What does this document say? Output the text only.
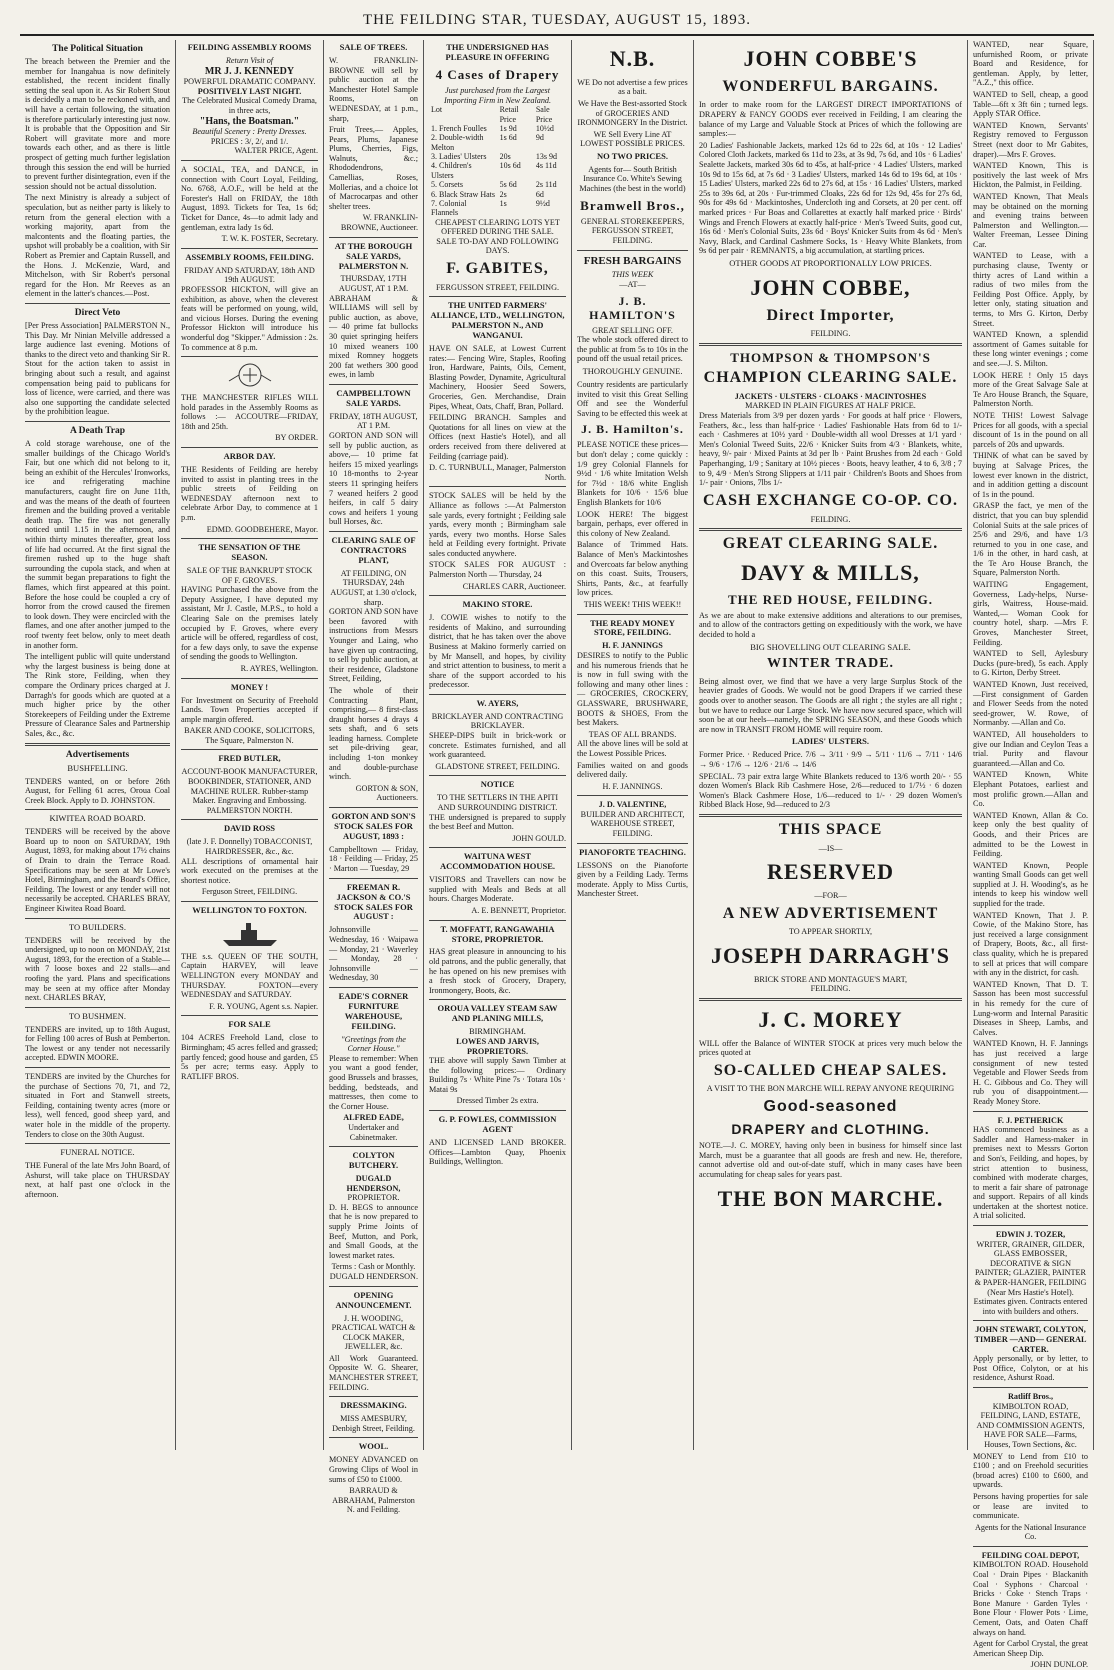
THE FEILDING STAR, TUESDAY, AUGUST 15, 1893.
The Political Situation

The breach between the Premier and the member for Inangahua is now definitely established, the recent incident finally setting the seal upon it. As Sir Robert Stout is decidedly a man to be reckoned with, and will have a certain following, the situation is therefore particularly interesting just now. It is probable that the Opposition and Sir Robert will gravitate more and more towards each other, and as there is little prospect of getting much further legislation through this session the end will be hurried to prevent further disintegration, even if the session should not be actual dissolution.

The next Ministry is already a subject of speculation, but as neither party is likely to return from the general election with a working majority, apart from the malcontents and the floating parties, the upshot will probably be a coalition, with Sir Robert as Premier and Captain Russell, and the Hons. J. McKenzie, Ward, and Mitchelson, with Sir Robert's personal regard for the Hon. Mr Reeves as an element in the latter's chances.—Post.

Direct Veto

[Per Press Association] PALMERSTON N., This Day. Mr Ninian Melville addressed a large audience last evening. Motions of thanks to the direct veto and thanking Sir R. Stout for the action taken to assist in bringing about such a result, and against compensation being paid to publicans for loss of licence, were carried, and there was also one supporting the candidate selected by the prohibition league.

A Death Trap

A cold storage warehouse, one of the smaller buildings of the Chicago World's Fair, but one which did not belong to it, being an exhibit of the Hercules' Ironworks, ice and refrigerating machine manufacturers, caught fire on June 11th, and was the means of the death of fourteen firemen and the building proved a veritable death trap. The fire was not generally noticed until 1.15 in the afternoon, and within thirty minutes thereafter, great loss of life had occurred. At the first signal the firemen rushed up to the huge shaft surrounding the cupola stack, and when at the summit began preparations to fight the flames, which first appeared at this point. Before the hose could be coupled a cry of horror from the crowd caused the firemen to look down. They were encircled with the flames, and one after another jumped to the roof twenty feet below, only to meet death in another form.

The intelligent public will quite understand why the largest business is being done at The Rink store, Feilding, when they compare the Ordinary prices charged at J. Darragh's for goods which are quoted at a much higher price by the other Storekeepers of Feilding under the Extreme Pressure of Clearance Sales and Partnership Sales, &c., &c.

Advertisements
BUSHFELLING.

TENDERS wanted, on or before 26th August, for Felling 61 acres, Oroua Coal Creek Block. Apply to D. JOHNSTON.

KIWITEA ROAD BOARD.

TENDERS will be received by the above Board up to noon on SATURDAY, 19th August, 1893, for making about 17½ chains of Drain to drain the Terrace Road. Specifications may be seen at Mr Lowe's Hotel, Birmingham, and the Board's Office, Feilding. The lowest or any tender will not necessarily be accepted. CHARLES BRAY, Engineer Kiwitea Road Board.

TO BUILDERS.

TENDERS will be received by the undersigned, up to noon on MONDAY, 21st August, 1893, for the erection of a Stable—with 7 loose boxes and 22 stalls—and roofing the yard. Plans and specifications may be seen at my office after Monday next. CHARLES BRAY,

TO BUSHMEN.

TENDERS are invited, up to 18th August, for Felling 100 acres of Bush at Pemberton. The lowest or any tender not necessarily accepted. EDWIN MOORE.

TENDERS are invited by the Churches for the purchase of Sections 70, 71, and 72, situated in Fort and Stanwell streets, Feilding, containing twenty acres (more or less), well fenced, good sheep yard, and water hole in the middle of the property. Tenders to close on the 30th August.

FUNERAL NOTICE.

THE Funeral of the late Mrs John Board, of Ashurst, will take place on THURSDAY next, at half past one o'clock in the afternoon.

FEILDING ASSEMBLY ROOMS
Return Visit of
MR J. J. KENNEDY
POWERFUL DRAMATIC COMPANY.
POSITIVELY LAST NIGHT.
The Celebrated Musical Comedy Drama, in three acts,
"Hans, the Boatsman."
Beautiful Scenery : Pretty Dresses.
PRICES : 3/, 2/, and 1/.
WALTER PRICE, Agent.

A SOCIAL, TEA, and DANCE, in connection with Court Loyal, Feilding, No. 6768, A.O.F., will be held at the Forester's Hall on FRIDAY, the 18th August, 1893. Tickets for Tea, 1s 6d; Ticket for Dance, 4s—to admit lady and gentleman, extra lady 1s 6d.

T. W. K. FOSTER, Secretary.
ASSEMBLY ROOMS, FEILDING.
FRIDAY AND SATURDAY, 18th AND 19th AUGUST.

PROFESSOR HICKTON, will give an exhibition, as above, when the cleverest feats will be performed on young, wild, and vicious Horses. During the evening Professor Hickton will introduce his wonderful dog "Skipper." Admission : 2s. To commence at 8 p.m.

THE MANCHESTER RIFLES WILL hold parades in the Assembly Rooms as follows :— ACCOUTRE—FRIDAY, 18th and 25th.

BY ORDER.
ARBOR DAY.

THE Residents of Feilding are hereby invited to assist in planting trees in the public streets of Feilding on WEDNESDAY afternoon next to celebrate Arbor Day, to commence at 1 p.m.

EDMD. GOODBEHERE, Mayor.
THE SENSATION OF THE SEASON.
SALE OF THE BANKRUPT STOCK OF F. GROVES.

HAVING Purchased the above from the Deputy Assignee, I have deputed my assistant, Mr J. Castle, M.P.S., to hold a Clearing Sale on the premises lately occupied by F. Groves, where every article will be offered, regardless of cost, for a few days only, to save the expense of sending the goods to Wellington.

R. AYRES, Wellington.
MONEY !

For Investment on Security of Freehold Lands. Town Properties accepted if ample margin offered.

BAKER AND COOKE, SOLICITORS, The Square, Palmerston N.
FRED BUTLER,

ACCOUNT-BOOK MANUFACTURER, BOOKBINDER, STATIONER, AND MACHINE RULER. Rubber-stamp Maker. Engraving and Embossing. PALMERSTON NORTH.

DAVID ROSS
(late J. F. Donnelly) TOBACCONIST, HAIRDRESSER, &c., &c.

ALL descriptions of ornamental hair work executed on the premises at the shortest notice.

Ferguson Street, FEILDING.
WELLINGTON TO FOXTON.

THE s.s. QUEEN OF THE SOUTH, Captain HARVEY, will leave WELLINGTON every MONDAY and THURSDAY. FOXTON—every WEDNESDAY and SATURDAY.

F. R. YOUNG, Agent s.s. Napier.
FOR SALE

104 ACRES Freehold Land, close to Birmingham; 45 acres felled and grassed; partly fenced; good house and garden, £5 5s per acre; terms easy. Apply to RATLIFF BROS.

SALE OF TREES.

W. FRANKLIN-BROWNE will sell by public auction at the Manchester Hotel Sample Rooms, on WEDNESDAY, at 1 p.m., sharp,

Fruit Trees,— Apples, Pears, Plums, Japanese Plums, Cherries, Figs, Walnuts, &c.; Rhododendrons, Camellias, Roses, Mollerias, and a choice lot of Macrocarpas and other shelter trees.

W. FRANKLIN-BROWNE, Auctioneer.
AT THE BOROUGH SALE YARDS, PALMERSTON N.
THURSDAY, 17TH AUGUST, AT 1 P.M.

ABRAHAM & WILLIAMS will sell by public auction, as above,— 40 prime fat bullocks 30 quiet springing heifers 10 mixed weaners 100 mixed Romney hoggets 200 fat wethers 300 good ewes, in lamb

CAMPBELLTOWN SALE YARDS.
FRIDAY, 18TH AUGUST, AT 1 P.M.

GORTON AND SON will sell by public auction, as above,— 10 prime fat heifers 15 mixed yearlings 10 18-months to 2-year steers 11 springing heifers 7 weaned heifers 2 good heifers, in calf 5 dairy cows and heifers 1 young bull Horses, &c.

CLEARING SALE OF CONTRACTORS PLANT,
AT FEILDING, ON THURSDAY, 24th AUGUST, at 1.30 o'clock, sharp.

GORTON AND SON have been favored with instructions from Messrs Younger and Laing, who have given up contracting, to sell by public auction, at their residence, Gladstone Street, Feilding,

The whole of their Contracting Plant, comprising,— 8 first-class draught horses 4 drays 4 sets shaft, and 6 sets leading harness. Complete set pile-driving gear, including 1-ton monkey and double-purchase winch.

GORTON & SON, Auctioneers.
GORTON AND SON'S STOCK SALES FOR AUGUST, 1893 :

Campbelltown — Friday, 18 · Feilding — Friday, 25 · Marton — Tuesday, 29

FREEMAN R. JACKSON & CO.'S STOCK SALES FOR AUGUST :

Johnsonville — Wednesday, 16 · Waipawa — Monday, 21 · Waverley — Monday, 28 · Johnsonville — Wednesday, 30

EADE'S CORNER FURNITURE WAREHOUSE, FEILDING.
"Greetings from the Corner House."

Please to remember: When you want a good fender, good Brussels and brasses, bedding, bedsteads, and mattresses, then come to the Corner House.

ALFRED EADE,
Undertaker and Cabinetmaker.
COLYTON BUTCHERY.
DUGALD HENDERSON,
PROPRIETOR.

D. H. BEGS to announce that he is now prepared to supply Prime Joints of Beef, Mutton, and Pork, and Small Goods, at the lowest market rates.

Terms : Cash or Monthly.
DUGALD HENDERSON.
OPENING ANNOUNCEMENT.

J. H. WOODING, PRACTICAL WATCH & CLOCK MAKER, JEWELLER, &c.

All Work Guaranteed. Opposite W. G. Shearer, MANCHESTER STREET, FEILDING.

DRESSMAKING.

MISS AMESBURY, Denbigh Street, Feilding.

WOOL.

MONEY ADVANCED on Growing Clips of Wool in sums of £50 to £1000.

BARRAUD & ABRAHAM, Palmerston N. and Feilding.
THE UNDERSIGNED HAS PLEASURE IN OFFERING
4 Cases of Drapery
Just purchased from the Largest Importing Firm in New Zealand.
Lot	Retail Price	Sale Price
1. French Foulles	1s 9d	10½d
2. Double-width Melton	1s 6d	9d
3. Ladies' Ulsters	20s	13s 9d
4. Children's Ulsters	10s 6d	4s 11d
5. Corsets	5s 6d	2s 11d
6. Black Straw Hats	2s	6d
7. Colonial Flannels	1s	9½d
CHEAPEST CLEARING LOTS YET OFFERED DURING THE SALE.
SALE TO-DAY AND FOLLOWING DAYS.
F. GABITES,
FERGUSSON STREET, FEILDING.
THE UNITED FARMERS' ALLIANCE, LTD., WELLINGTON, PALMERSTON N., AND WANGANUI.

HAVE ON SALE, at Lowest Current rates:— Fencing Wire, Staples, Roofing Iron, Hardware, Paints, Oils, Cement, Blasting Powder, Dynamite, Agricultural Machinery, Hoosier Seed Sowers, Groceries, Gen. Merchandise, Drain Pipes, Wheat, Oats, Chaff, Bran, Pollard.

FEILDING BRANCH. Samples and Quotations for all lines on view at the Offices (next Hastie's Hotel), and all orders received from there delivered at Feilding (carriage paid).

D. C. TURNBULL, Manager, Palmerston North.

STOCK SALES will be held by the Alliance as follows :—At Palmerston sale yards, every fortnight ; Feilding sale yards, every month ; Birmingham sale yards, every two months. Horse Sales held at Feilding every fortnight. Private sales conducted anywhere.

STOCK SALES FOR AUGUST : Palmerston North — Thursday, 24

CHARLES CARR, Auctioneer.
MAKINO STORE.

J. COWIE wishes to notify to the residents of Makino, and surrounding district, that he has taken over the above Business at Makino formerly carried on by Mr Mansell, and hopes, by civility and strict attention to business, to merit a share of the support accorded to his predecessor.

W. AYERS,
BRICKLAYER AND CONTRACTING BRICKLAYER.

SHEEP-DIPS built in brick-work or concrete. Estimates furnished, and all work guaranteed.

GLADSTONE STREET, FEILDING.
NOTICE
TO THE SETTLERS IN THE APITI AND SURROUNDING DISTRICT.

THE undersigned is prepared to supply the best Beef and Mutton.

JOHN GOULD.
WAITUNA WEST ACCOMMODATION HOUSE.

VISITORS and Travellers can now be supplied with Meals and Beds at all hours. Charges Moderate.

A. E. BENNETT, Proprietor.
T. MOFFATT, RANGAWAHIA STORE, PROPRIETOR.

HAS great pleasure in announcing to his old patrons, and the public generally, that he has opened on his new premises with a fresh stock of Grocery, Drapery, Ironmongery, Boots, &c.

OROUA VALLEY STEAM SAW AND PLANING MILLS,
BIRMINGHAM.
LOWES AND JARVIS, PROPRIETORS.

THE above will supply Sawn Timber at the following prices:— Ordinary Building 7s · White Pine 7s · Totara 10s · Matai 9s

Dressed Timber 2s extra.
G. P. FOWLES, COMMISSION AGENT

AND LICENSED LAND BROKER. Offices—Lambton Quay, Phoenix Buildings, Wellington.

N.B.

WE Do not advertise a few prices as a bait.

We Have the Best-assorted Stock of GROCERIES AND IRONMONGERY In the District.

WE Sell Every Line AT LOWEST POSSIBLE PRICES.

NO TWO PRICES.

Agents for— South British Insurance Co. White's Sewing Machines (the best in the world)

Bramwell Bros.,
GENERAL STOREKEEPERS, FERGUSSON STREET, FEILDING.
FRESH BARGAINS
THIS WEEK
—AT—
J. B. HAMILTON'S
GREAT SELLING OFF.

The whole stock offered direct to the public at from 5s to 10s in the pound off the usual retail prices.

THOROUGHLY GENUINE.

Country residents are particularly invited to visit this Great Selling Off and see the Wonderful Saving to be effected this week at

J. B. Hamilton's.

PLEASE NOTICE these prices—but don't delay ; come quickly : 1/9 grey Colonial Flannels for 9½d · 1/6 white Imitation Welsh for 7½d · 18/6 white English Blankets for 10/6 · 15/6 blue English Blankets for 10/6

LOOK HERE! The biggest bargain, perhaps, ever offered in this colony of New Zealand.

Balance of Trimmed Hats. Balance of Men's Mackintoshes and Overcoats far below anything on this coast. Suits, Trousers, Shirts, Pants, &c., at fearfully low prices.

THIS WEEK! THIS WEEK!!
THE READY MONEY STORE, FEILDING.
H. F. JANNINGS

DESIRES to notify to the Public and his numerous friends that he is now in full swing with the following and many other lines :— GROCERIES, CROCKERY, GLASSWARE, BRUSHWARE, BOOTS & SHOES, From the best Makers.

TEAS OF ALL BRANDS.

All the above lines will be sold at the Lowest Possible Prices.

Families waited on and goods delivered daily.

H. F. JANNINGS.
J. D. VALENTINE,
BUILDER AND ARCHITECT, WAREHOUSE STREET, FEILDING.
PIANOFORTE TEACHING.

LESSONS on the Pianoforte given by a Feilding Lady. Terms moderate. Apply to Miss Curtis, Manchester Street.

JOHN COBBE'S
WONDERFUL BARGAINS.

In order to make room for the LARGEST DIRECT IMPORTATIONS of DRAPERY & FANCY GOODS ever received in Feilding, I am clearing the balance of my Large and Valuable Stock at Prices of which the following are samples:—

20 Ladies' Fashionable Jackets, marked 12s 6d to 22s 6d, at 10s · 12 Ladies' Colored Cloth Jackets, marked 6s 11d to 23s, at 3s 9d, 7s 6d, and 10s · 6 Ladies' Sealette Jackets, marked 30s 6d to 45s, at half-price · 4 Ladies' Ulsters, marked 10s 9d to 15s 6d, at 7s 6d · 3 Ladies' Ulsters, marked 14s 6d to 19s 6d, at 10s · 15 Ladies' Ulsters, marked 22s 6d to 27s 6d, at 15s · 16 Ladies' Ulsters, marked 25s to 39s 6d, at 20s · Fur-trimmed Cloaks, 22s 6d for 12s 9d, 45s for 27s 6d, 90s for 49s 6d · Mackintoshes, Undercloth ing and Corsets, at 20 per cent. off marked prices · Fur Boas and Collarettes at exactly half marked price · Birds' Wings and French Flowers at exactly half-price · Men's Tweed Suits, good cut, 16s 6d · Men's Colonial Suits, 23s 6d · Boys' Knicker Suits from 4s 6d · Men's Navy, Black, and Cardinal Cashmere Socks, 1s · Heavy White Blankets, from 9s 6d per pair · REMNANTS, a big accumulation, at startling prices.

OTHER GOODS AT PROPORTIONALLY LOW PRICES.
JOHN COBBE,
Direct Importer,
FEILDING.
THOMPSON & THOMPSON'S
CHAMPION CLEARING SALE.
JACKETS · ULSTERS · CLOAKS · MACINTOSHES
MARKED IN PLAIN FIGURES AT HALF PRICE.

Dress Materials from 3/9 per dozen yards · For goods at half price · Flowers, Feathers, &c., less than half-price · Ladies' Fashionable Hats from 6d to 1/- each · Cashmeres at 10½ yard · Double-width all wool Dresses at 1/1 yard · Men's Colonial Tweed Suits, 22/6 · Knicker Suits from 4/3 · Blankets, white, heavy, 9/- pair · Mixed Paints at 3d per lb · Paint Brushes from 2d each · Gold Paperhanging, 1/9 ; Sanitary at 10½ pieces · Boots, heavy leather, 4 to 6, 3/8 ; 7 to 9, 4/9 · Men's Strong Slippers at 1/11 pair · Children's Boots and Shoes from 1/- pair · Onions, 7lbs 1/-

CASH EXCHANGE CO-OP. CO.
FEILDING.
GREAT CLEARING SALE.
DAVY & MILLS,
THE RED HOUSE, FEILDING.

As we are about to make extensive additions and alterations to our premises, and to allow of the contractors getting on expeditiously with the work, we have decided to hold a

BIG SHOVELLING OUT CLEARING SALE.
WINTER TRADE.

Being almost over, we find that we have a very large Surplus Stock of the heavier grades of Goods. We would not be good Drapers if we carried these goods over to another season. The Goods are all right ; the styles are all right ; but we have to reduce our Large Stock. We have now secured space, which will soon be at our heels—namely, the SPRING SEASON, and these Goods which are now in TRANSIT FROM HOME will require room.

LADIES' ULSTERS.

Former Price. · Reduced Price. 7/6 → 3/11 · 9/9 → 5/11 · 11/6 → 7/11 · 14/6 → 9/6 · 17/6 → 12/6 · 21/6 → 14/6

SPECIAL. 73 pair extra large White Blankets reduced to 13/6 worth 20/- · 55 dozen Women's Black Rib Cashmere Hose, 2/6—reduced to 1/7½ · 6 dozen Women's Black Cashmere Hose, 1/6—reduced to 1/- · 29 dozen Women's Ribbed Black Hose, 9d—reduced to 2/3

THIS SPACE
—IS—
RESERVED
—FOR—
A NEW ADVERTISEMENT
TO APPEAR SHORTLY,
JOSEPH DARRAGH'S
BRICK STORE AND MONTAGUE'S MART,
FEILDING.
J. C. MOREY

WILL offer the Balance of WINTER STOCK at prices very much below the prices quoted at

SO-CALLED CHEAP SALES.
A VISIT TO THE BON MARCHE WILL REPAY ANYONE REQUIRING
Good-seasoned
DRAPERY and CLOTHING.

NOTE.—J. C. MOREY, having only been in business for himself since last March, must be a guarantee that all goods are fresh and new. He, therefore, cannot advertise old and out-of-date stuff, which in many cases have been accumulating for cheap sales for years past.

THE BON MARCHE.

WANTED, near Square, unfurnished Room, or private Board and Residence, for gentleman. Apply, by letter, "A.Z.," this office.

WANTED to Sell, cheap, a good Table—6ft x 3ft 6in ; turned legs. Apply STAR Office.

WANTED Known, Servants' Registry removed to Fergusson Street (next door to Mr Gabites, draper).—Mrs F. Groves.

WANTED Known, This is positively the last week of Mrs Hickton, the Palmist, in Feilding.

WANTED Known, That Meals may be obtained on the morning and evening trains between Palmerston and Wellington.—Walter Freeman, Lessee Dining Car.

WANTED to Lease, with a purchasing clause, Twenty or thirty acres of Land within a radius of two miles from the Feilding Post Office. Apply, by letter only, stating situation and terms, to Mrs G. Kirton, Derby Street.

WANTED Known, a splendid assortment of Games suitable for these long winter evenings ; come and see.—J. S. Milton.

LOOK HERE ! Only 15 days more of the Great Salvage Sale at Te Aro House Branch, the Square, Palmerston North.

NOTE THIS! Lowest Salvage Prices for all goods, with a special discount of 1s in the pound on all parcels of 20s and upwards.

THINK of what can be saved by buying at Salvage Prices, the lowest ever known in the district, and in addition getting a discount of 1s in the pound.

GRASP the fact, ye men of the district, that you can buy splendid Colonial Suits at the sale prices of 25/6 and 29/6, and have 1/3 returned to you in one case, and 1/6 in the other, in hard cash, at the Te Aro House Branch, the Square, Palmerston North.

WAITING Engagement, Governess, Lady-helps, Nurse-girls, Waitress, House-maid. Wanted,— Woman Cook for country hotel, sharp. —Mrs F. Groves, Manchester Street, Feilding.

WANTED to Sell, Aylesbury Ducks (pure-bred), 5s each. Apply to G. Kirton, Derby Street.

WANTED Known, Just received, —First consignment of Garden and Flower Seeds from the noted seed-grower, W. Rowe, of Normanby. —Allan and Co.

WANTED, All householders to give our Indian and Ceylon Teas a trial. Purity and flavour guaranteed.—Allan and Co.

WANTED Known, White Elephant Potatoes, earliest and most prolific grown.—Allan and Co.

WANTED Known, Allan & Co. keep only the best quality of Goods, and their Prices are admitted to be the Lowest in Feilding.

WANTED Known, People wanting Small Goods can get well supplied at J. H. Wooding's, as he intends to keep his window well supplied for the trade.

WANTED Known, That J. P. Cowie, of the Makino Store, has just received a large consignment of Drapery, Boots, &c., all first-class quality, which he is prepared to sell at prices that will compare with any in the district, for cash.

WANTED Known, That D. T. Sasson has been most successful in his remedy for the cure of Lung-worm and Internal Parasitic Diseases in Sheep, Lambs, and Calves.

WANTED Known, H. F. Jannings has just received a large consignment of new tested Vegetable and Flower Seeds from H. C. Gibbous and Co. They will rub you of disappointment.—Ready Money Store.

F. J. PETHERICK

HAS commenced business as a Saddler and Harness-maker in premises next to Messrs Gorton and Son's, Feilding, and hopes, by strict attention to business, combined with moderate charges, to merit a fair share of patronage and support. Repairs of all kinds undertaken at the shortest notice. A trial solicited.

EDWIN J. TOZER,

WRITER, GRAINER, GILDER, GLASS EMBOSSER, DECORATIVE & SIGN PAINTER; GLAZIER, PAINTER & PAPER-HANGER, FEILDING (Near Mrs Hastie's Hotel). Estimates given. Contracts entered into with builders and others.

JOHN STEWART, COLYTON, TIMBER —AND— GENERAL CARTER.

Apply personally, or by letter, to Post Office, Colyton, or at his residence, Ashurst Road.

Ratliff Bros.,

KIMBOLTON ROAD, FEILDING, LAND, ESTATE, AND COMMISSION AGENTS, HAVE FOR SALE—Farms, Houses, Town Sections, &c.

MONEY to Lend from £10 to £100 ; and on Freehold securities (broad acres) £100 to £600, and upwards.

Persons having properties for sale or lease are invited to communicate.

Agents for the National Insurance Co.
FEILDING COAL DEPOT,

KIMBOLTON ROAD. Household Coal · Drain Pipes · Blackanith Coal · Syphons · Charcoal · Bricks · Coke · Stench Traps · Bone Manure · Garden Tyles · Bone Flour · Flower Pots · Lime, Cement, Oats, and Oaten Chaff always on hand.

Agent for Carbol Crystal, the great American Sheep Dip.

JOHN DUNLOP.
